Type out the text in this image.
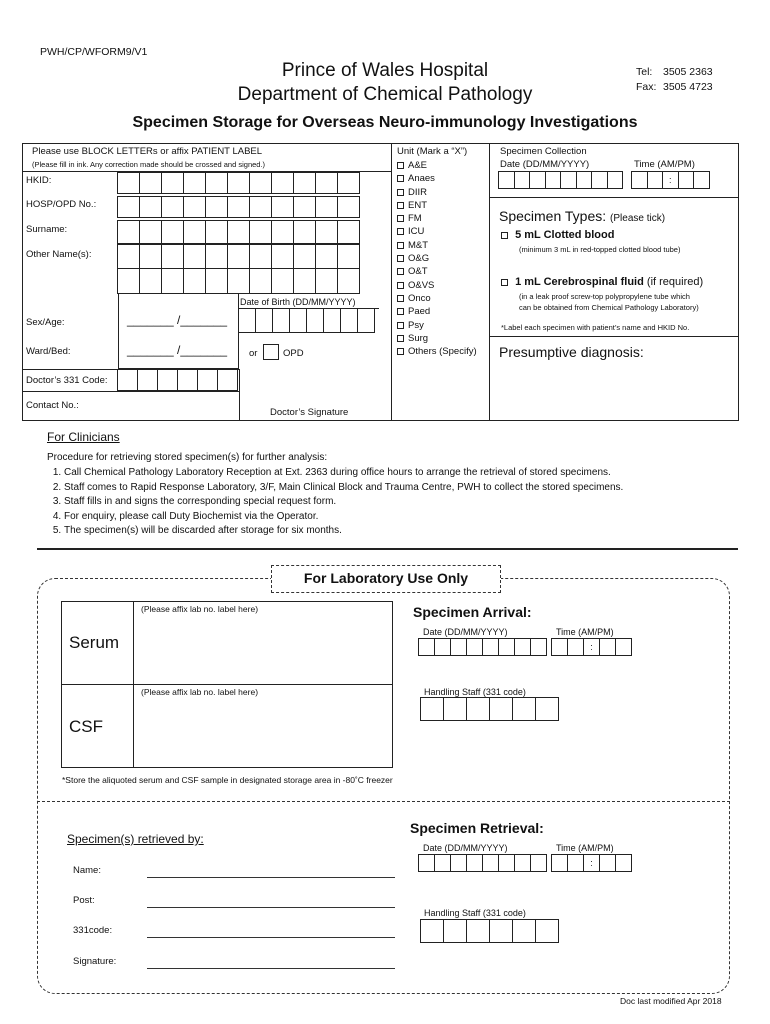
PWH/CP/WFORM9/V1
Prince of Wales Hospital
Department of Chemical Pathology
Tel: 3505 2363
Fax: 3505 4723
Specimen Storage for Overseas Neuro-immunology Investigations
Please use BLOCK LETTERs or affix PATIENT LABEL
(Please fill in ink. Any correction made should be crossed and signed.)
HKID:
HOSP/OPD No.:
Surname:
Other Name(s):
Sex/Age:	_______ /_______
Date of Birth (DD/MM/YYYY)
Ward/Bed:	_______ /_______ or	OPD
Doctor’s 331 Code:
Contact No.:
Doctor’s Signature
Unit (Mark a “X”)
A&E
Anaes
DIIR
ENT
FM
ICU
M&T
O&G
O&T
O&VS
Onco
Paed
Psy
Surg
Others (Specify)
Specimen Collection
Date (DD/MM/YYYY)	Time (AM/PM)
:
Specimen Types: (Please tick)
5 mL Clotted blood
(minimum 3 mL in red-topped clotted blood tube)
1 mL Cerebrospinal fluid (if required)
(in a leak proof screw-top polypropylene tube which
can be obtained from Chemical Pathology Laboratory)
*Label each specimen with patient’s name and HKID No.
Presumptive diagnosis:
For Clinicians
Procedure for retrieving stored specimen(s) for further analysis:
1. Call Chemical Pathology Laboratory Reception at Ext. 2363 during office hours to arrange the retrieval of stored specimens.
2. Staff comes to Rapid Response Laboratory, 3/F, Main Clinical Block and Trauma Centre, PWH to collect the stored specimens.
3. Staff fills in and signs the corresponding special request form.
4. For enquiry, please call Duty Biochemist via the Operator.
5. The specimen(s) will be discarded after storage for six months.
For Laboratory Use Only
Serum
CSF
(Please affix lab no. label here)
(Please affix lab no. label here)
*Store the aliquoted serum and CSF sample in designated storage area in -80˚C freezer
Specimen Arrival:
Date (DD/MM/YYYY)	Time (AM/PM)
:
Handling Staff (331 code)
Specimen(s) retrieved by:
Name:
Post:
331code:
Signature:
Specimen Retrieval:
Date (DD/MM/YYYY)	Time (AM/PM)
:
Handling Staff (331 code)
Doc last modified Apr 2018
